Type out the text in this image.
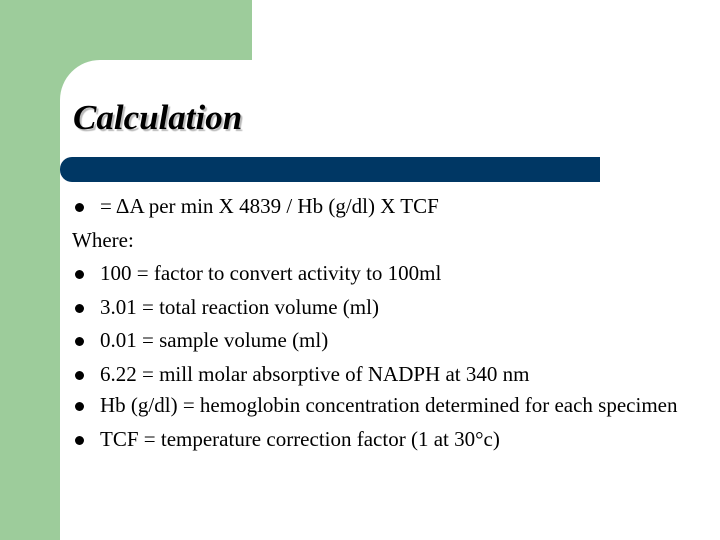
Calculation
= ΔA per min X 4839 / Hb (g/dl) X TCF
Where:
100 = factor to convert activity to 100ml
3.01 = total reaction volume (ml)
0.01 = sample volume (ml)
6.22 = mill molar absorptive of NADPH at 340 nm
Hb (g/dl) = hemoglobin concentration determined for each specimen
TCF = temperature correction factor (1 at 30°c)
